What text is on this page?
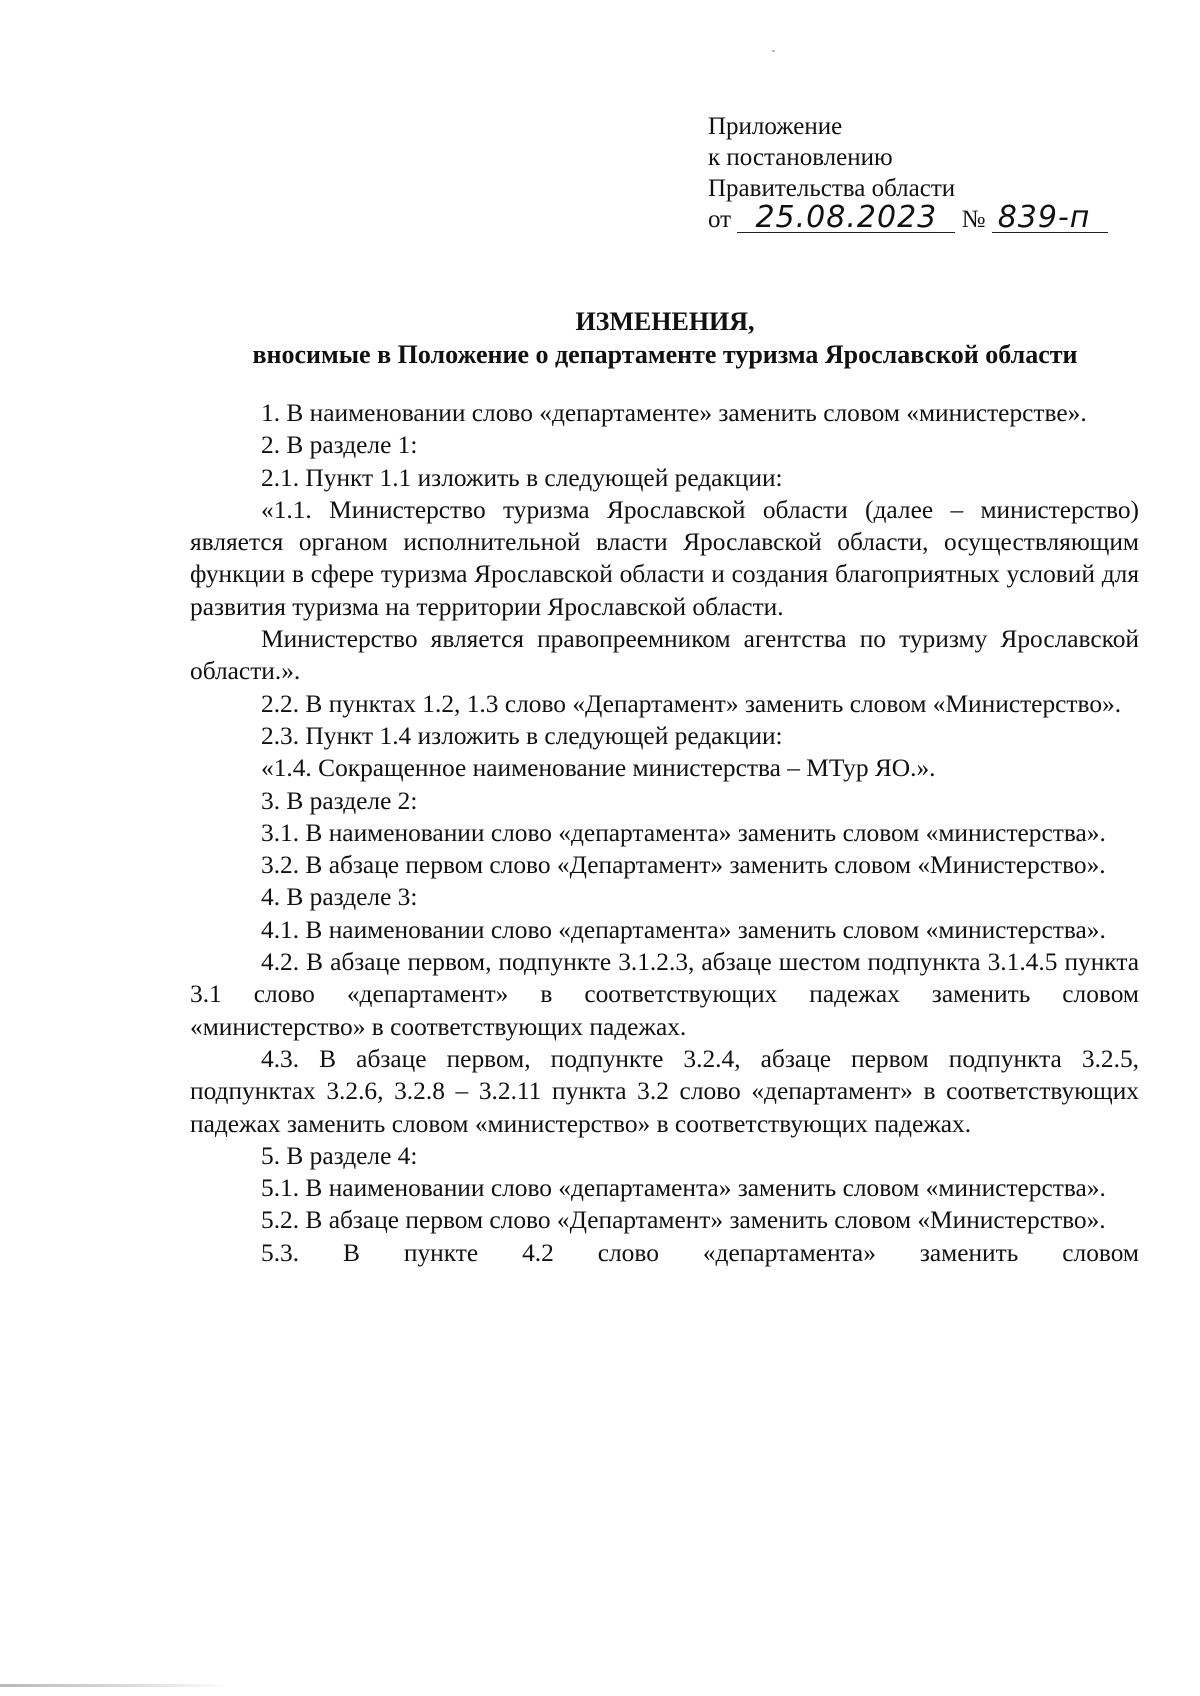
Приложение
к постановлению
Правительства области
от 25.08.2023 № 839-п
ИЗМЕНЕНИЯ,
вносимые в Положение о департаменте туризма Ярославской области

1. В наименовании слово «департаменте» заменить словом «министерстве».

2. В разделе 1:

2.1. Пункт 1.1 изложить в следующей редакции:

«1.1. Министерство туризма Ярославской области (далее – министерство) является органом исполнительной власти Ярославской области, осуществляющим функции в сфере туризма Ярославской области и создания благоприятных условий для развития туризма на территории Ярославской области.

Министерство является правопреемником агентства по туризму Ярославской области.».

2.2. В пунктах 1.2, 1.3 слово «Департамент» заменить словом «Министерство».

2.3. Пункт 1.4 изложить в следующей редакции:

«1.4. Сокращенное наименование министерства – МТур ЯО.».

3. В разделе 2:

3.1. В наименовании слово «департамента» заменить словом «министерства».

3.2. В абзаце первом слово «Департамент» заменить словом «Министерство».

4. В разделе 3:

4.1. В наименовании слово «департамента» заменить словом «министерства».

4.2. В абзаце первом, подпункте 3.1.2.3, абзаце шестом подпункта 3.1.4.5 пункта 3.1 слово «департамент» в соответствующих падежах заменить словом «министерство» в соответствующих падежах.

4.3. В абзаце первом, подпункте 3.2.4, абзаце первом подпункта 3.2.5, подпунктах 3.2.6, 3.2.8 – 3.2.11 пункта 3.2 слово «департамент» в соответствующих падежах заменить словом «министерство» в соответствующих падежах.

5. В разделе 4:

5.1. В наименовании слово «департамента» заменить словом «министерства».

5.2. В абзаце первом слово «Департамент» заменить словом «Министерство».

5.3. В пункте 4.2 слово «департамента» заменить словом
